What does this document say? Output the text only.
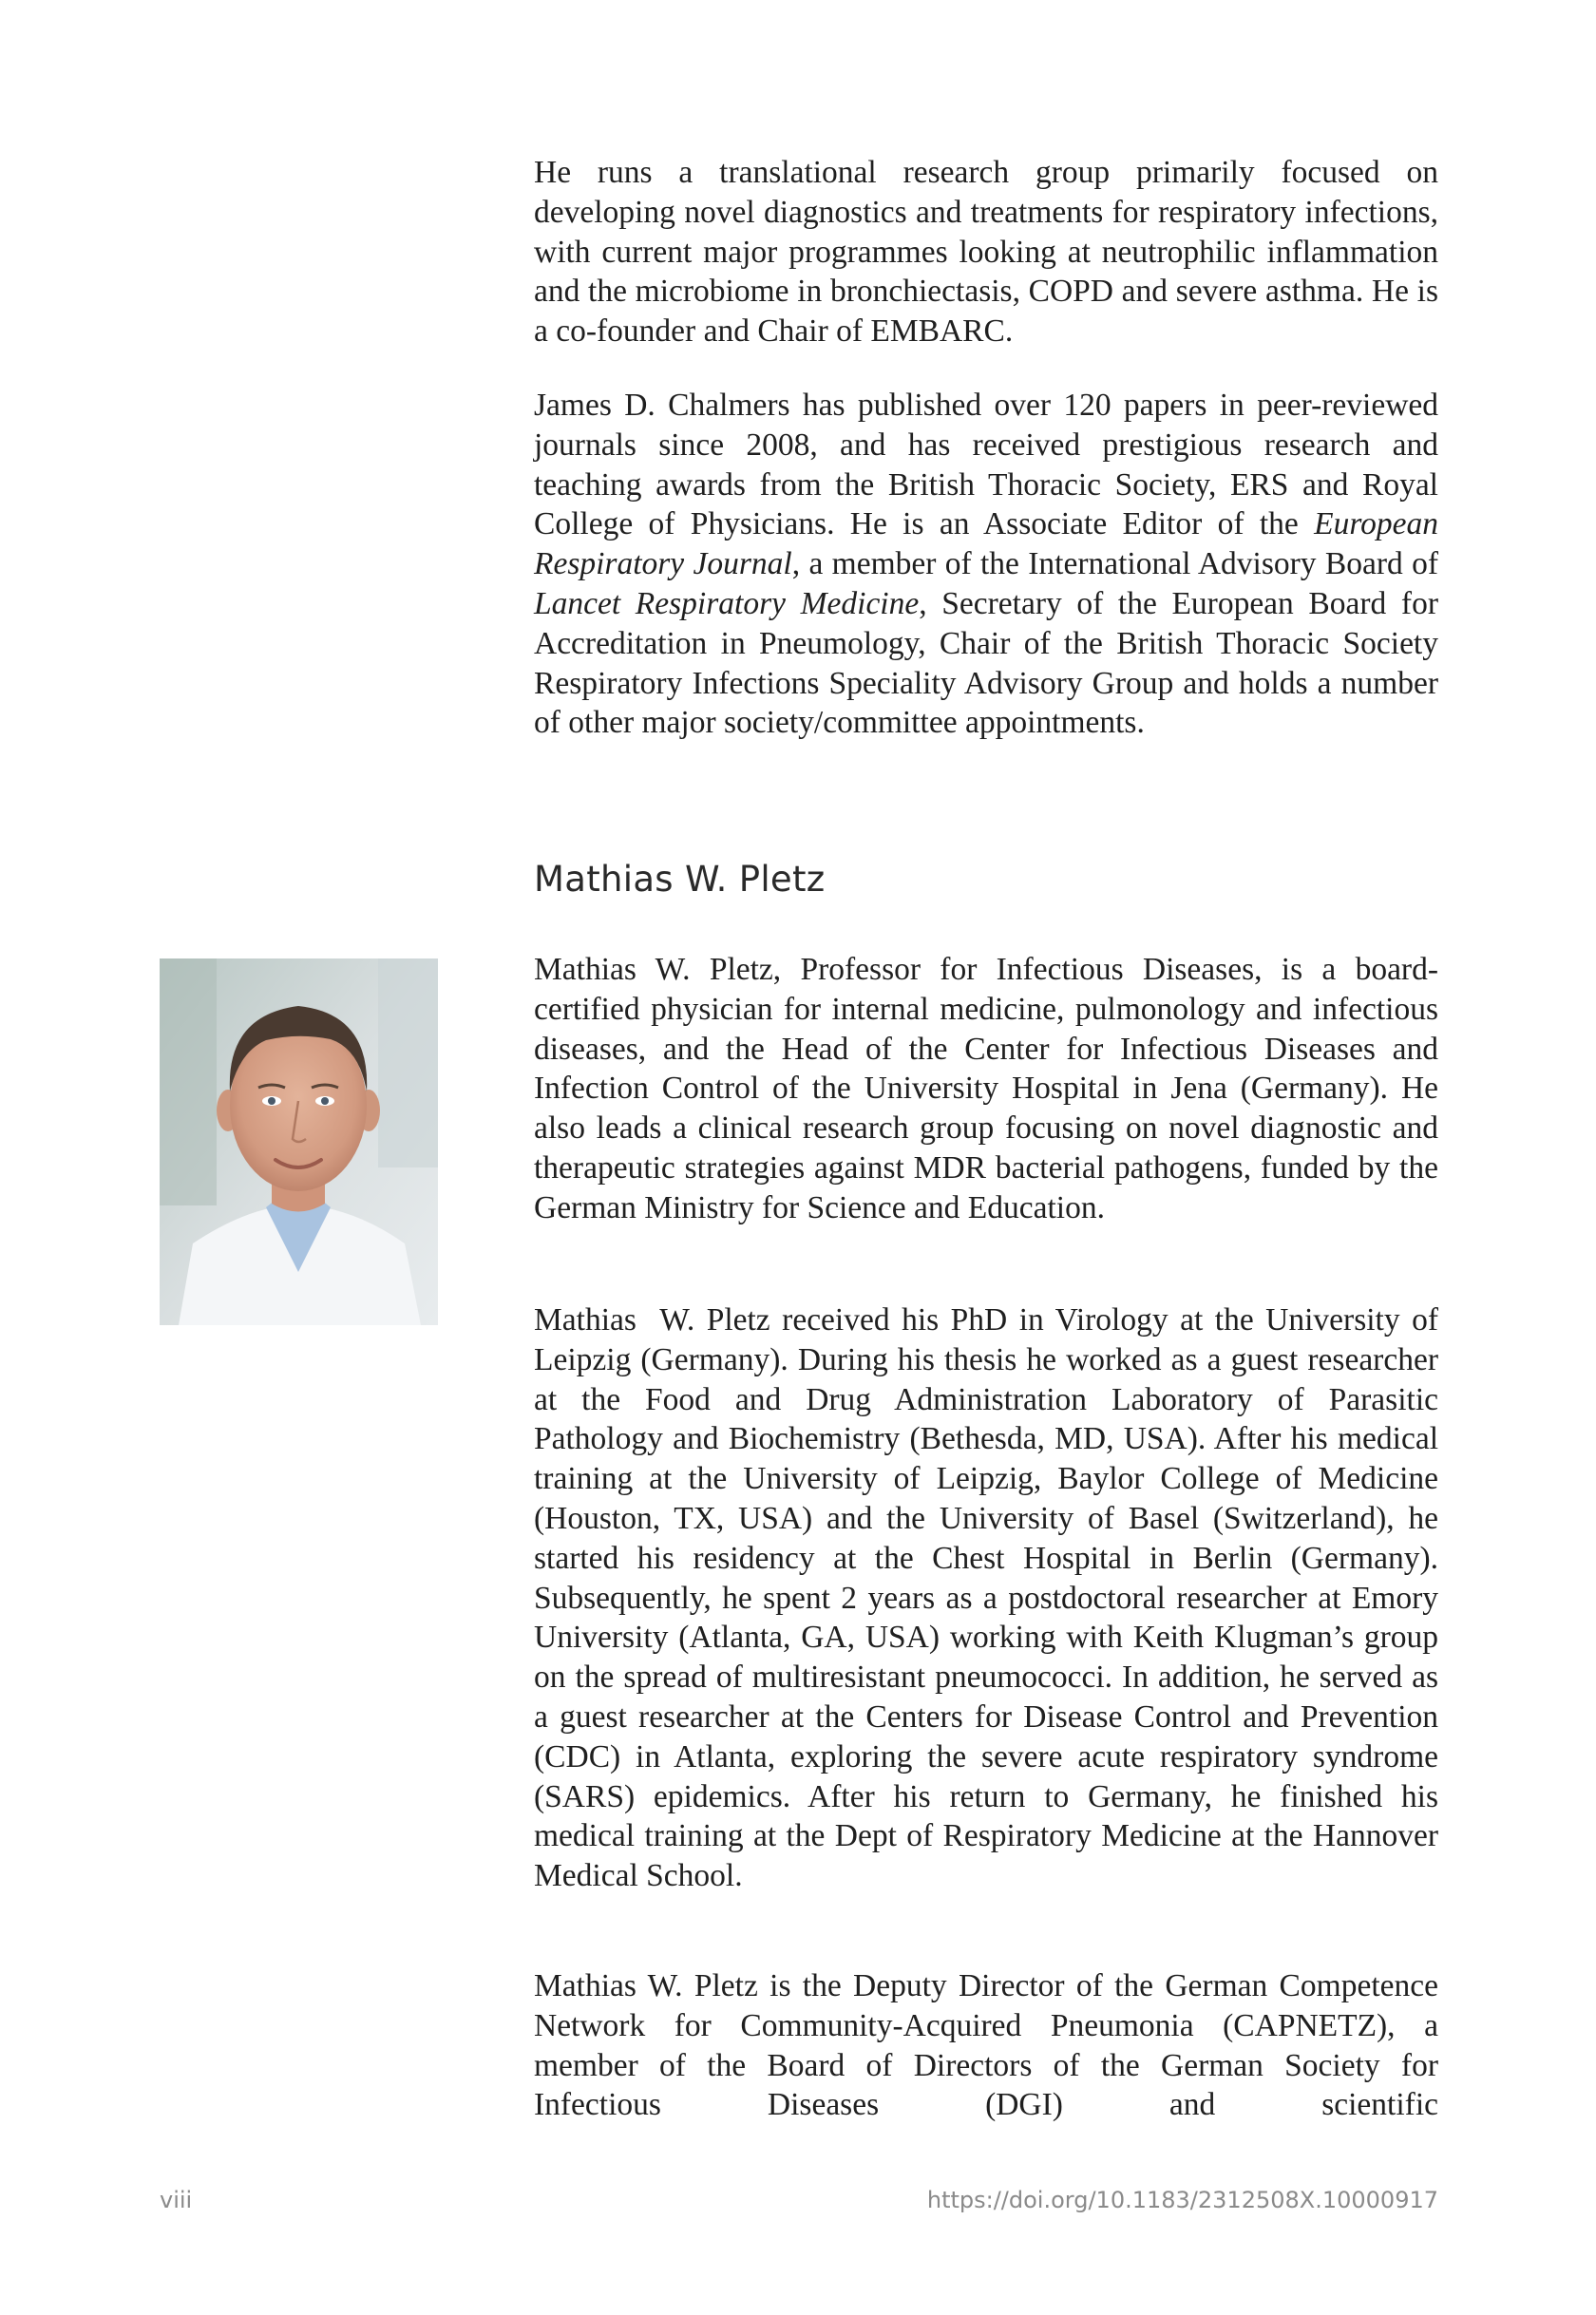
He runs a translational research group primarily focused on developing novel diagnostics and treatments for respiratory infections, with current major programmes looking at neutrophilic inflammation and the microbiome in bronchiectasis, COPD and severe asthma. He is a co-founder and Chair of EMBARC.

James D. Chalmers has published over 120 papers in peer-reviewed journals since 2008, and has received prestigious research and teaching awards from the British Thoracic Society, ERS and Royal College of Physicians. He is an Associate Editor of the European Respiratory Journal, a member of the International Advisory Board of Lancet Respiratory Medicine, Secretary of the European Board for Accreditation in Pneumology, Chair of the British Thoracic Society Respiratory Infections Speciality Advisory Group and holds a number of other major society/committee appointments.

Mathias W. Pletz

Mathias W. Pletz, Professor for Infectious Diseases, is a board-certified physician for internal medicine, pulmonology and infectious diseases, and the Head of the Center for Infectious Diseases and Infection Control of the University Hospital in Jena (Germany). He also leads a clinical research group focusing on novel diagnostic and therapeutic strategies against MDR bacterial pathogens, funded by the German Ministry for Science and Education.

Mathias  W. Pletz received his PhD in Virology at the University of Leipzig (Germany). During his thesis he worked as a guest researcher at the Food and Drug Administration Laboratory of Parasitic Pathology and Biochemistry (Bethesda, MD, USA). After his medical training at the University of Leipzig, Baylor College of Medicine (Houston, TX, USA) and the University of Basel (Switzerland), he started his residency at the Chest Hospital in Berlin (Germany). Subsequently, he spent 2 years as a postdoctoral researcher at Emory University (Atlanta, GA, USA) working with Keith Klugman’s group on the spread of multiresistant pneumococci. In addition, he served as a guest researcher at the Centers for Disease Control and Prevention (CDC) in Atlanta, exploring the severe acute respiratory syndrome (SARS) epidemics. After his return to Germany, he finished his medical training at the Dept of Respiratory Medicine at the Hannover Medical School.

Mathias W. Pletz is the Deputy Director of the German Competence Network for Community-Acquired Pneumonia (CAPNETZ), a member of the Board of Directors of the German Society for Infectious Diseases (DGI) and scientific

viii	https://doi.org/10.1183/2312508X.10000917
